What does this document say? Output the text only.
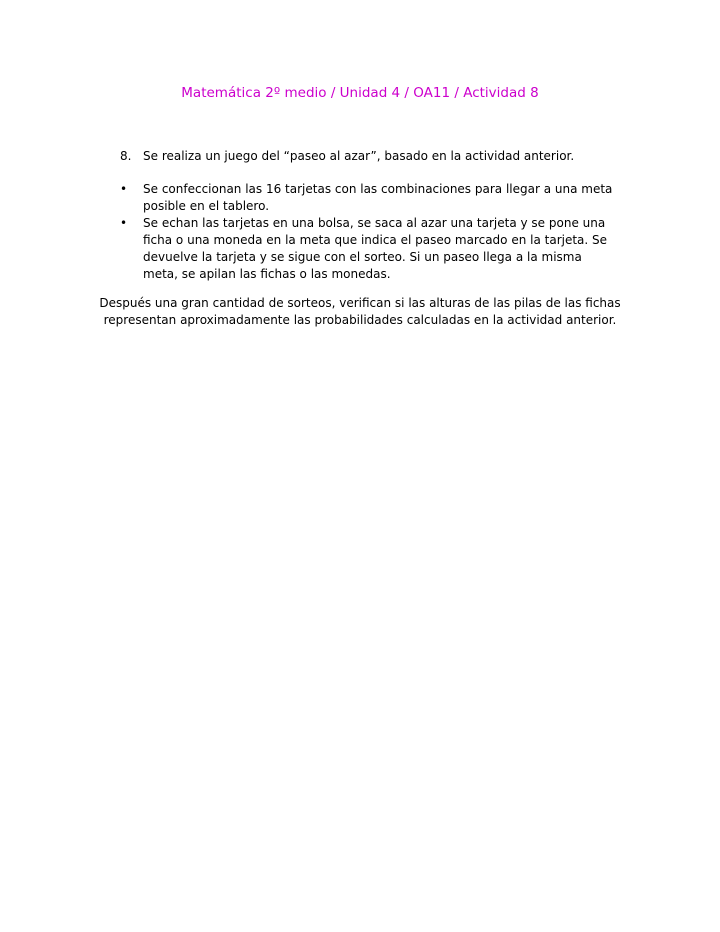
Matemática 2º medio / Unidad 4 / OA11 / Actividad 8
8. Se realiza un juego del “paseo al azar”, basado en la actividad anterior.
•	Se confeccionan las 16 tarjetas con las combinaciones para llegar a una meta posible en el tablero.
•	Se echan las tarjetas en una bolsa, se saca al azar una tarjeta y se pone una ficha o una moneda en la meta que indica el paseo marcado en la tarjeta. Se devuelve la tarjeta y se sigue con el sorteo. Si un paseo llega a la misma meta, se apilan las fichas o las monedas.
Después una gran cantidad de sorteos, verifican si las alturas de las pilas de las fichas representan aproximadamente las probabilidades calculadas en la actividad anterior.
